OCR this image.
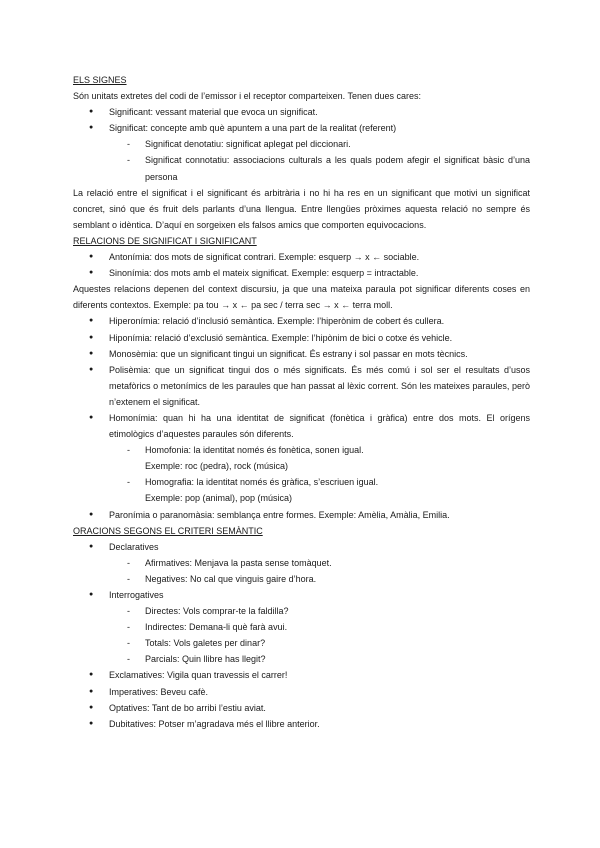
ELS SIGNES

Són unitats extretes del codi de l’emissor i el receptor comparteixen. Tenen dues cares:

● Significant: vessant material que evoca un significat.
● Significat: concepte amb què apuntem a una part de la realitat (referent)
- Significat denotatiu: significat aplegat pel diccionari.
- Significat connotatiu: associacions culturals a les quals podem afegir el significat bàsic d’una persona

La relació entre el significat i el significant és arbitrària i no hi ha res en un significant que motivi un significat concret, sinó que és fruit dels parlants d’una llengua. Entre llengües pròximes aquesta relació no sempre és semblant o idèntica. D’aquí en sorgeixen els falsos amics que comporten equivocacions.

RELACIONS DE SIGNIFICAT I SIGNIFICANT
● Antonímia: dos mots de significat contrari. Exemple: esquerp → x ← sociable.
● Sinonímia: dos mots amb el mateix significat. Exemple: esquerp = intractable.

Aquestes relacions depenen del context discursiu, ja que una mateixa paraula pot significar diferents coses en diferents contextos. Exemple: pa tou → x ← pa sec / terra sec → x ← terra moll.

● Hiperonímia: relació d’inclusió semàntica. Exemple: l’hiperònim de cobert és cullera.
● Hiponímia: relació d’exclusió semàntica. Exemple: l’hipònim de bici o cotxe és vehicle.
● Monosèmia: que un significant tingui un significat. És estrany i sol passar en mots tècnics.
● Polisèmia: que un significat tingui dos o més significats. És més comú i sol ser el resultats d’usos metafòrics o metonímics de les paraules que han passat al lèxic corrent. Són les mateixes paraules, però n’extenem el significat.
● Homonímia: quan hi ha una identitat de significat (fonètica i gràfica) entre dos mots. El orígens etimològics d’aquestes paraules són diferents.
- Homofonia: la identitat només és fonètica, sonen igual.
Exemple: roc (pedra), rock (música)
- Homografia: la identitat només és gràfica, s’escriuen igual.
Exemple: pop (animal), pop (música)
● Paronímia o paranomàsia: semblança entre formes. Exemple: Amèlia, Amàlia, Emilia.
ORACIONS SEGONS EL CRITERI SEMÀNTIC
● Declaratives
- Afirmatives: Menjava la pasta sense tomàquet.
- Negatives: No cal que vinguis gaire d’hora.
● Interrogatives
- Directes: Vols comprar-te la faldilla?
- Indirectes: Demana-li què farà avui.
- Totals: Vols galetes per dinar?
- Parcials: Quin llibre has llegit?
● Exclamatives: Vigila quan travessis el carrer!
● Imperatives: Beveu cafè.
● Optatives: Tant de bo arribi l’estiu aviat.
● Dubitatives: Potser m’agradava més el llibre anterior.
